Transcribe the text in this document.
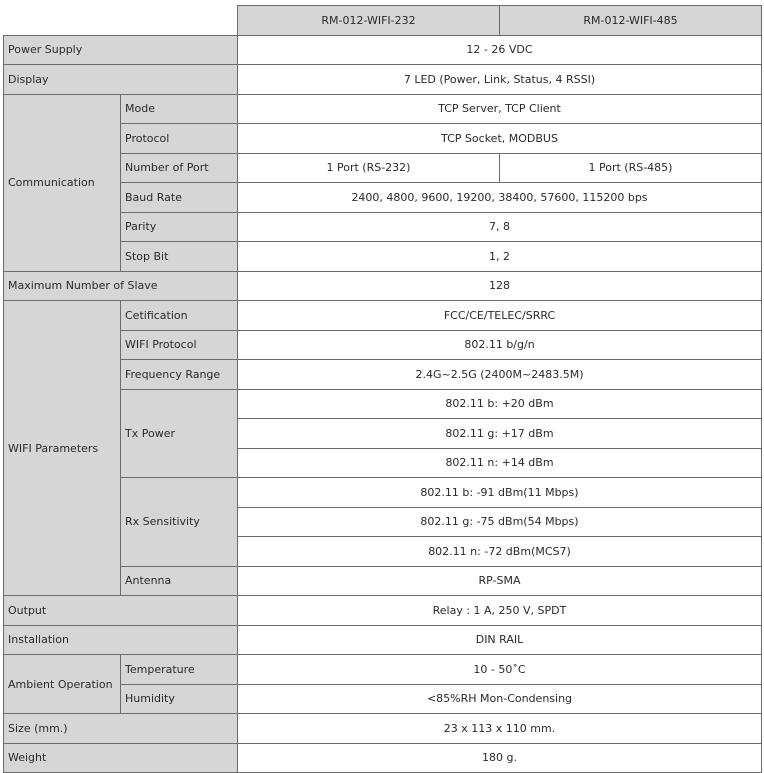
		RM-012-WIFI-232	RM-012-WIFI-485
Power Supply		12 - 26 VDC	
Display		7 LED (Power, Link, Status, 4 RSSI)	
Communication	Mode	TCP Server, TCP Client	
	Protocol	TCP Socket, MODBUS	
	Number of Port	1 Port (RS-232)	1 Port (RS-485)
	Baud Rate	2400, 4800, 9600, 19200, 38400, 57600, 115200 bps	
	Parity	7, 8	
	Stop Bit	1, 2	
Maximum Number of Slave		128	
WIFI Parameters	Cetification	FCC/CE/TELEC/SRRC	
	WIFI Protocol	802.11 b/g/n	
	Frequency Range	2.4G~2.5G (2400M~2483.5M)	
	Tx Power	802.11 b: +20 dBm	
		802.11 g: +17 dBm	
		802.11 n: +14 dBm	
	Rx Sensitivity	802.11 b: -91 dBm(11 Mbps)	
		802.11 g: -75 dBm(54 Mbps)	
		802.11 n: -72 dBm(MCS7)	
	Antenna	RP-SMA	
Output		Relay : 1 A, 250 V, SPDT	
Installation		DIN RAIL	
Ambient Operation	Temperature	10 - 50˚C	
	Humidity	<85%RH Mon-Condensing	
Size (mm.)		23 x 113 x 110 mm.	
Weight		180 g.	
